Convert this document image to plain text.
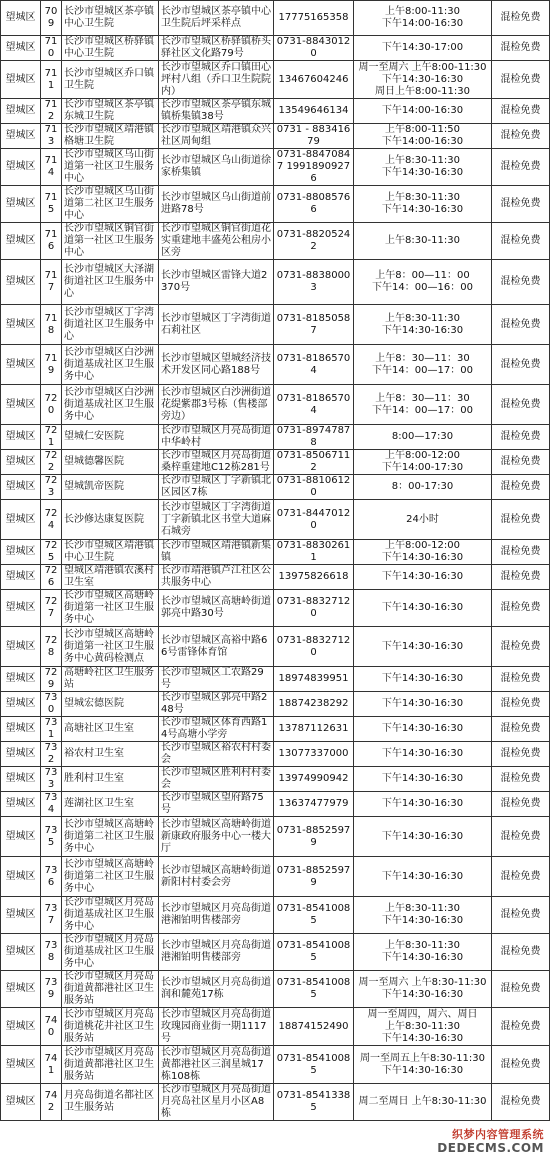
望城区	709	长沙市望城区茶亭镇中心卫生院	长沙市望城区茶亭镇中心卫生院后坪采样点	17775165358	上午8:00-11:30
下午14:00-16:30	混检免费
望城区	710	长沙市望城区桥驿镇中心卫生院	长沙市望城区桥驿镇桥头驿社区文化路79号	0731-88430120	下午14:30-17:00	混检免费
望城区	711	长沙市望城区乔口镇卫生院	长沙市望城区乔口镇田心坪村八组（乔口卫生院院内）	13467604246	周一至周六 上午8:00-11:30
下午14:30-16:30
周日上午8:00-11:30	混检免费
望城区	712	长沙市望城区茶亭镇东城卫生院	长沙市望城区茶亭镇东城镇桥集镇38号	13549646134	下午14:00-16:30	混检免费
望城区	713	长沙市望城区靖港镇格塘卫生院	长沙市望城区靖港镇众兴社区周甸组	0731 - 88341679	上午8:00-11:50
下午14:00-16:30	混检免费
望城区	714	长沙市望城区乌山街道第一社区卫生服务中心	长沙市望城区乌山街道徐家桥集镇	0731-88470847 19918909276	上午8:30-11:30
下午14:30-16:30	混检免费
望城区	715	长沙市望城区乌山街道第二社区卫生服务中心	长沙市望城区乌山街道前进路78号	0731-88085766	上午8:30-11:30
下午14:30-16:30	混检免费
望城区	716	长沙市望城区铜官街道第一社区卫生服务中心	长沙市望城区铜官街道花实重建地丰盛苑公租房小区旁	0731-88205242	上午8:30-11:30	混检免费
望城区	717	长沙市望城区大泽湖街道社区卫生服务中心	长沙市望城区雷锋大道2370号	0731-88380003	上午8：00—11：00
下午14：00—16：00	混检免费
望城区	718	长沙市望城区丁字湾街道社区卫生服务中心	长沙市望城区丁字湾街道石莉社区	0731-81850587	上午8:30-11:30
下午14:30-16:30	混检免费
望城区	719	长沙市望城区白沙洲街道基成社区卫生服务中心	长沙市望城区望城经济技术开发区同心路188号	0731-81865704	上午8：30—11：30
下午14：00—17：00	混检免费
望城区	720	长沙市望城区白沙洲街道基成社区卫生服务中心	长沙市望城区白沙洲街道花缇紫郡3号栋（售楼部旁边）	0731-81865704	上午8：30—11：30
下午14：00—17：00	混检免费
望城区	721	望城仁安医院	长沙市望城区月亮岛街道中华岭村	0731-89747878	8:00—17:30	混检免费
望城区	722	望城德馨医院	长沙市望城区月亮岛街道桑梓重建地C12栋281号	0731-85067112	上午8:00-12:00
下午14:00-17:30	混检免费
望城区	723	望城凯帝医院	长沙市望城区丁字新镇北区园区7栋	0731-88106120	8：00-17:30	混检免费
望城区	724	长沙修达康复医院	长沙市望城区丁字湾街道丁字新镇北区书堂大道麻石城旁	0731-84470120	24小时	混检免费
望城区	725	长沙市望城区靖港镇中心卫生院	长沙市望城区靖港镇新集镇	0731-88302611	上午8:00-12:00
下午14:30-16:30	混检免费
望城区	726	望城区靖港镇农溪村卫生室	长沙市靖港镇芦江社区公共服务中心	13975826618	下午14:30-16:30	混检免费
望城区	727	长沙市望城区高塘岭街道第一社区卫生服务中心	长沙市望城区高塘岭街道郭亮中路30号	0731-88327120	下午14:30-16:30	混检免费
望城区	728	长沙市望城区高塘岭街道第一社区卫生服务中心黄码检测点	长沙市望城区高裕中路66号雷锋体育馆	0731-88327120	下午14:30-16:30	混检免费
望城区	729	高塘岭社区卫生服务站	长沙市望城区工农路29号	18974839951	下午14:30-16:30	混检免费
望城区	730	望城宏德医院	长沙市望城区郭亮中路248号	18874238292	下午14:30-16:30	混检免费
望城区	731	高塘社区卫生室	长沙市望城区体育西路14号高塘小学旁	13787112631	下午14:30-16:30	混检免费
望城区	732	裕农村卫生室	长沙市望城区裕农村村委会	13077337000	下午14:30-16:30	混检免费
望城区	733	胜利村卫生室	长沙市望城区胜利村村委会	13974990942	下午14:30-16:30	混检免费
望城区	734	莲湖社区卫生室	长沙市望城区望府路75号	13637477979	下午14:30-16:30	混检免费
望城区	735	长沙市望城区高塘岭街道第二社区卫生服务中心	长沙市望城区高塘岭街道新康政府服务中心一楼大厅	0731-88525979	下午14:30-16:30	混检免费
望城区	736	长沙市望城区高塘岭街道第二社区卫生服务中心	长沙市望城区高塘岭街道新阳村村委会旁	0731-88525979	下午14:30-16:30	混检免费
望城区	737	长沙市望城区月亮岛街道基成社区卫生服务中心	长沙市望城区月亮岛街道港湘铂明售楼部旁	0731-85410085	上午8:30-11:30
下午14:30-16:30	混检免费
望城区	738	长沙市望城区月亮岛街道基成社区卫生服务中心	长沙市望城区月亮岛街道港湘铂明售楼部旁	0731-85410085	上午8:30-11:30
下午14:30-16:30	混检免费
望城区	739	长沙市望城区月亮岛街道黄都港社区卫生服务站	长沙市望城区月亮岛街道润和麓苑17栋	0731-85410085	周一至周六 上午8:30-11:30
下午14:30-16:30	混检免费
望城区	740	长沙市望城区月亮岛街道桃花井社区卫生服务站	长沙市望城区月亮岛街道玫瑰园商业街一期1117号	18874152490	周一至周四，周六、周日
上午8:30-11:30
下午14:30-16:30	混检免费
望城区	741	长沙市望城区月亮岛街道黄都港社区卫生服务站	长沙市望城区月亮岛街道黄都港社区三润星城17栋108栋	0731-85410085	周一至周五上午8:30-11:30
下午14:30-16:30	混检免费
望城区	742	月亮岛街道名都社区卫生服务站	长沙市望城区月亮岛街道月亮岛社区星月小区A8栋	0731-85413385	周二至周日 上午8:30-11:30	混检免费
织梦内容管理系统
DEDECMS.COM
